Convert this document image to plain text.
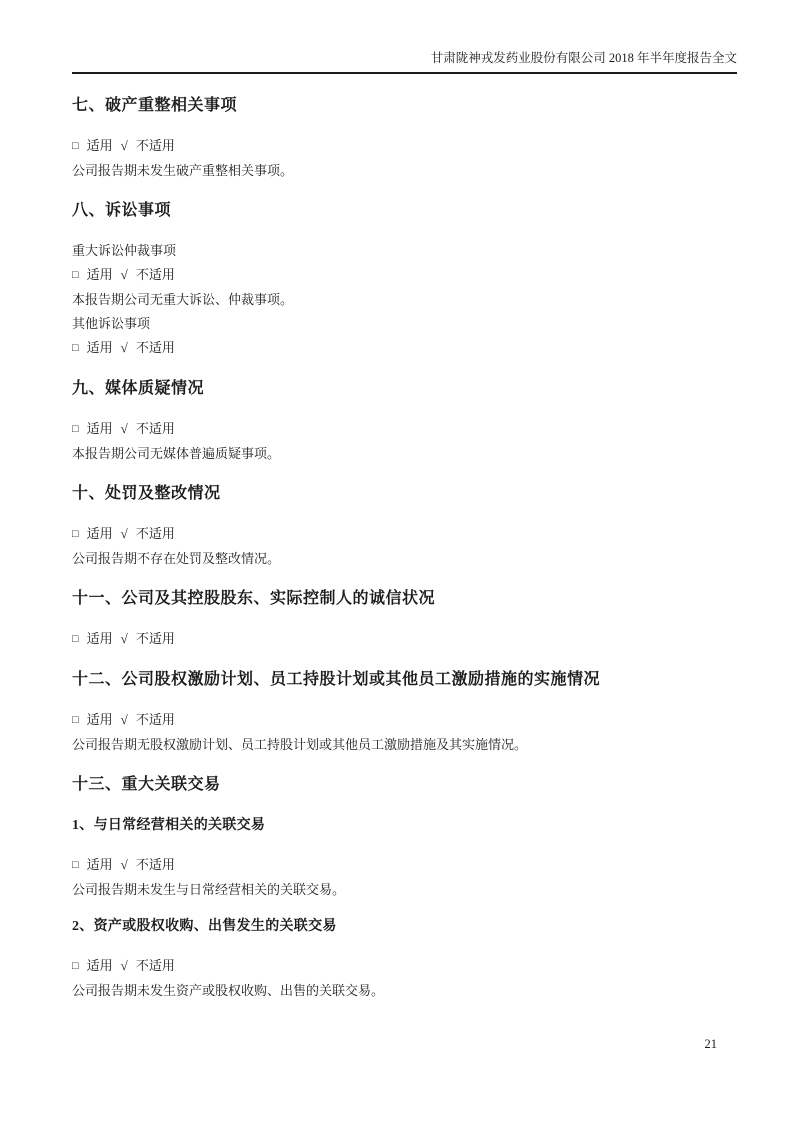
甘肃陇神戎发药业股份有限公司 2018 年半年度报告全文
七、破产重整相关事项

□ 适用 √ 不适用

公司报告期未发生破产重整相关事项。

八、诉讼事项

重大诉讼仲裁事项

□ 适用 √ 不适用

本报告期公司无重大诉讼、仲裁事项。

其他诉讼事项

□ 适用 √ 不适用

九、媒体质疑情况

□ 适用 √ 不适用

本报告期公司无媒体普遍质疑事项。

十、处罚及整改情况

□ 适用 √ 不适用

公司报告期不存在处罚及整改情况。

十一、公司及其控股股东、实际控制人的诚信状况

□ 适用 √ 不适用

十二、公司股权激励计划、员工持股计划或其他员工激励措施的实施情况

□ 适用 √ 不适用

公司报告期无股权激励计划、员工持股计划或其他员工激励措施及其实施情况。

十三、重大关联交易
1、与日常经营相关的关联交易

□ 适用 √ 不适用

公司报告期未发生与日常经营相关的关联交易。

2、资产或股权收购、出售发生的关联交易

□ 适用 √ 不适用

公司报告期未发生资产或股权收购、出售的关联交易。

21
